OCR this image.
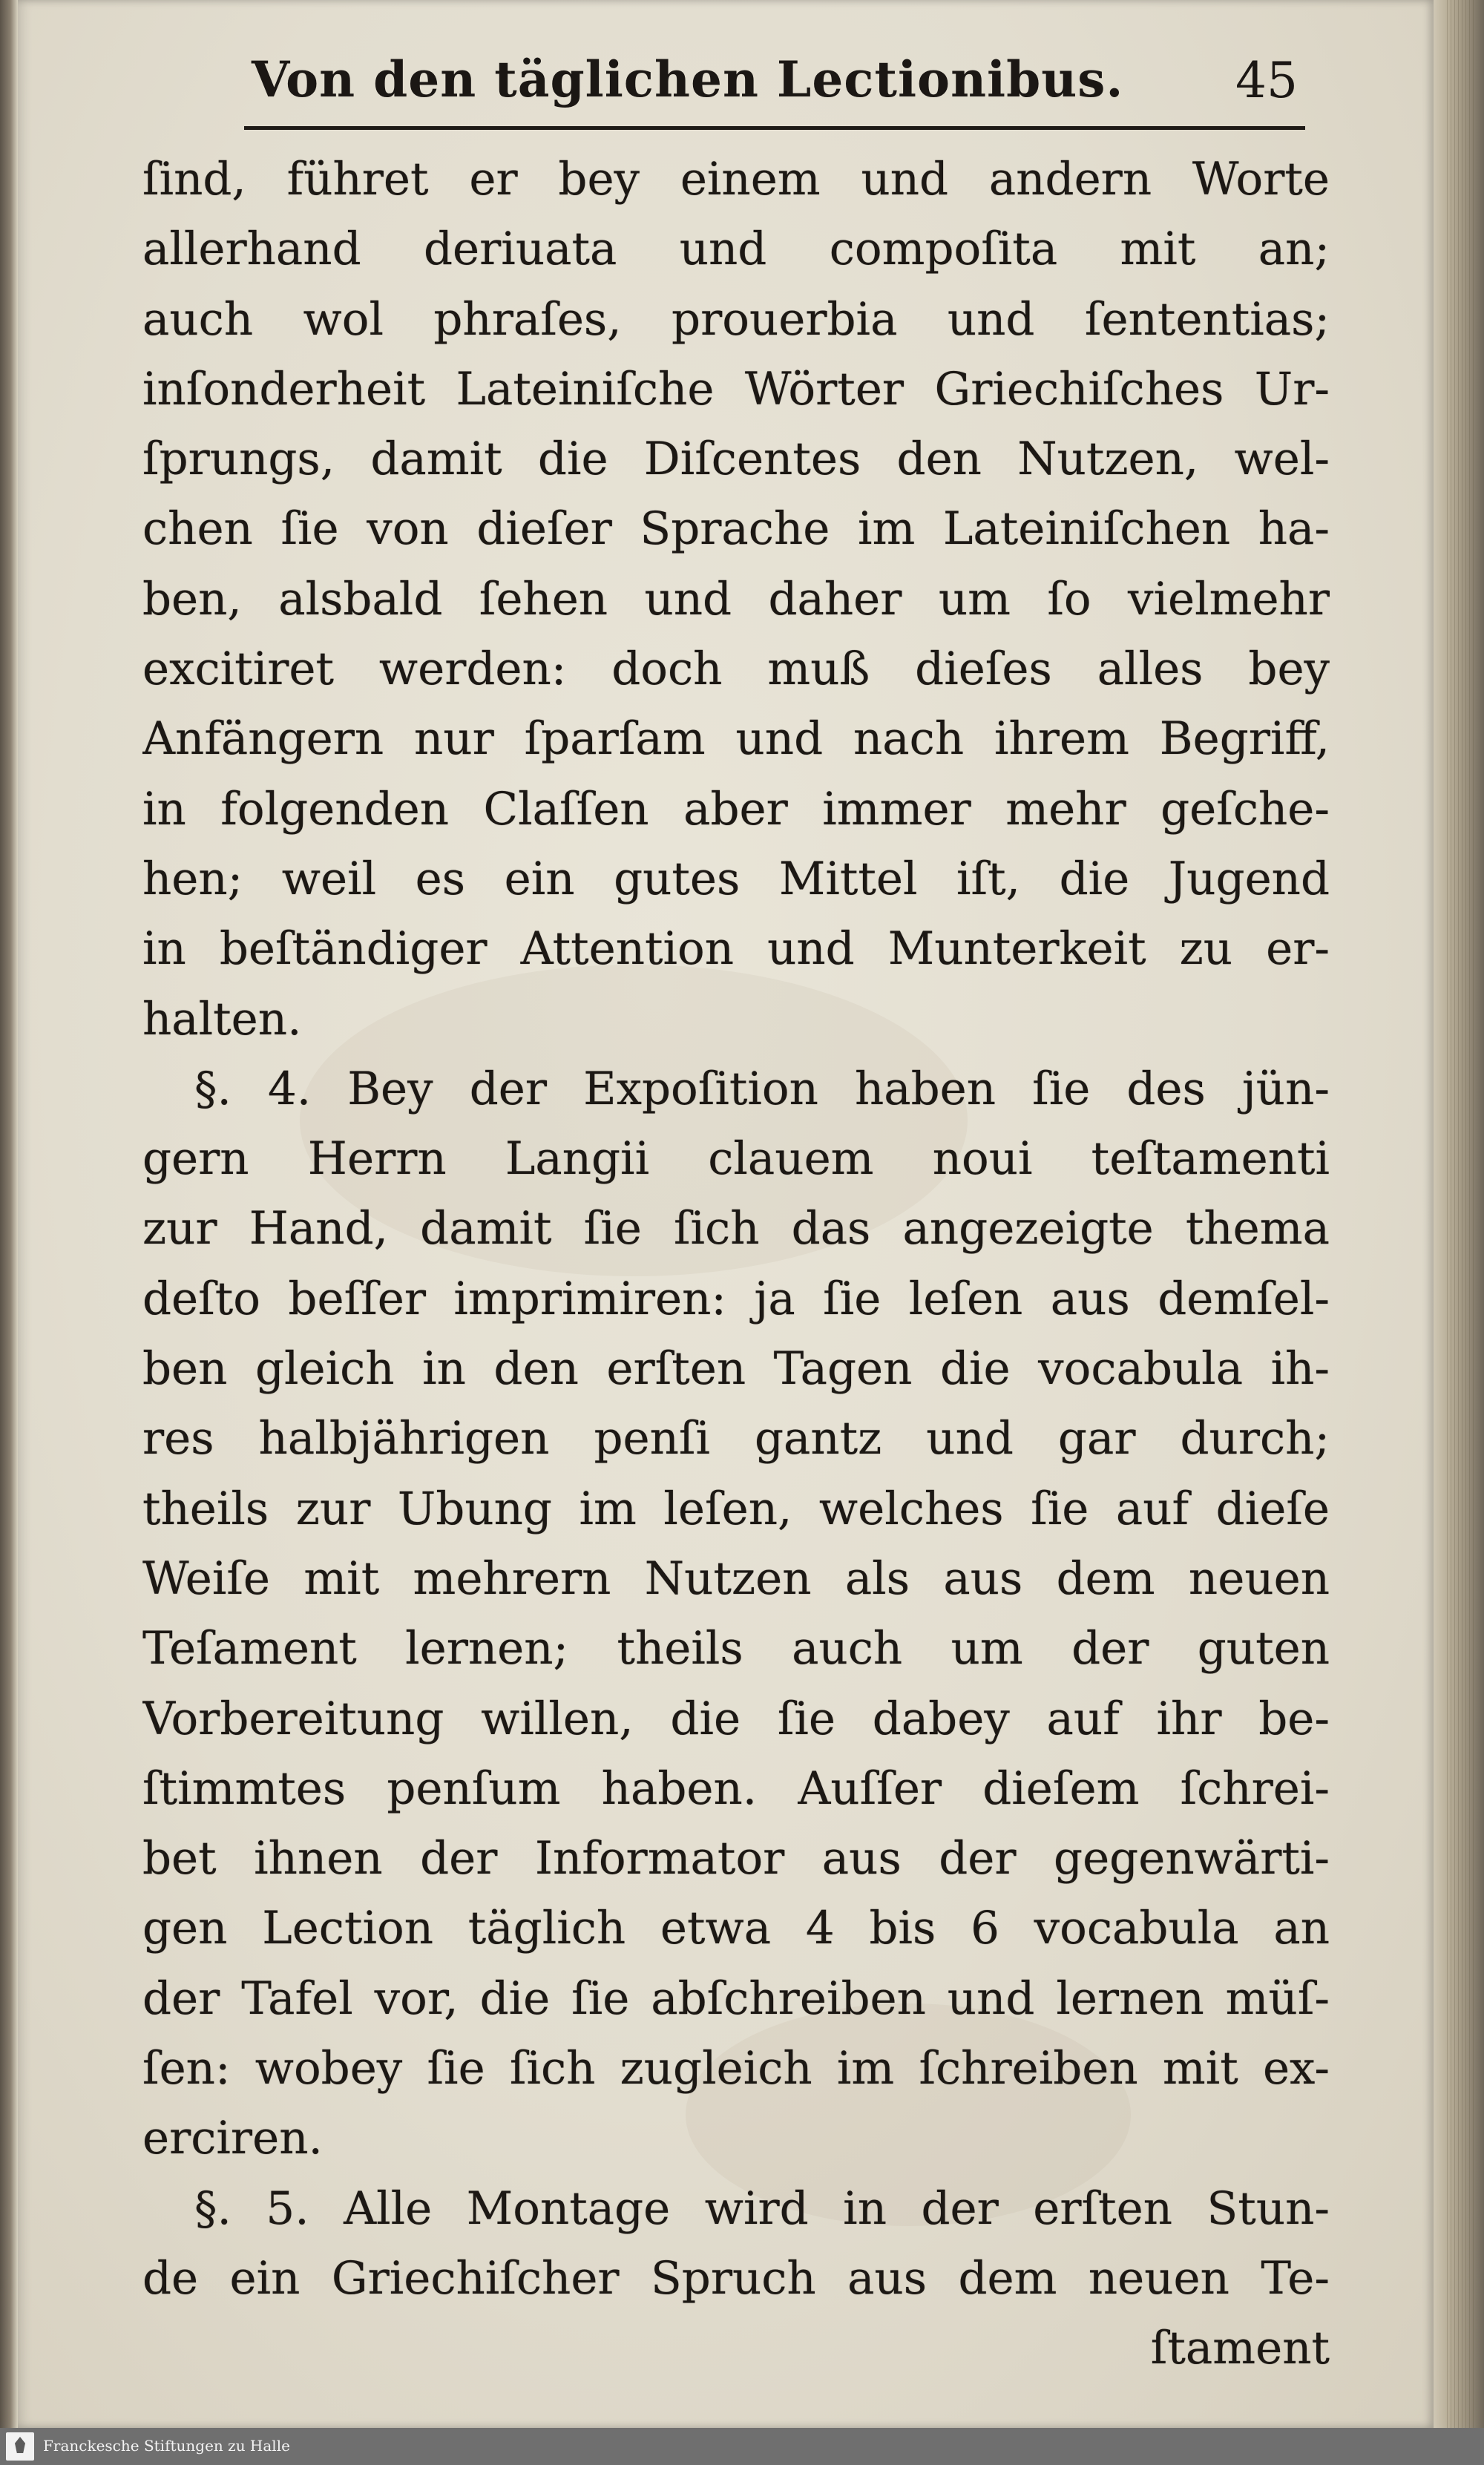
Von den täglichen Lectionibus. 45
ſind, führet er bey einem und andern Worte
allerhand deriuata und compoſita mit an;
auch wol phraſes, prouerbia und ſententias;
inſonderheit Lateiniſche Wörter Griechiſches Ur-
ſprungs, damit die Diſcentes den Nutzen, wel-
chen ſie von dieſer Sprache im Lateiniſchen ha-
ben, alsbald ſehen und daher um ſo vielmehr
excitiret werden: doch muß dieſes alles bey
Anfängern nur ſparſam und nach ihrem Begriff,
in folgenden Claſſen aber immer mehr geſche-
hen; weil es ein gutes Mittel iſt, die Jugend
in beſtändiger Attention und Munterkeit zu er-
halten.
§. 4. Bey der Expoſition haben ſie des jün-
gern Herrn Langii clauem noui teſtamenti
zur Hand, damit ſie ſich das angezeigte thema
deſto beſſer imprimiren: ja ſie leſen aus demſel-
ben gleich in den erſten Tagen die vocabula ih-
res halbjährigen penſi gantz und gar durch;
theils zur Ubung im leſen, welches ſie auf dieſe
Weiſe mit mehrern Nutzen als aus dem neuen
Teſament lernen; theils auch um der guten
Vorbereitung willen, die ſie dabey auf ihr be-
ſtimmtes penſum haben. Auſſer dieſem ſchrei-
bet ihnen der Informator aus der gegenwärti-
gen Lection täglich etwa 4 bis 6 vocabula an
der Tafel vor, die ſie abſchreiben und lernen müſ-
ſen: wobey ſie ſich zugleich im ſchreiben mit ex-
erciren.
§. 5. Alle Montage wird in der erſten Stun-
de ein Griechiſcher Spruch aus dem neuen Te-
ſtament
Franckesche Stiftungen zu Halle
